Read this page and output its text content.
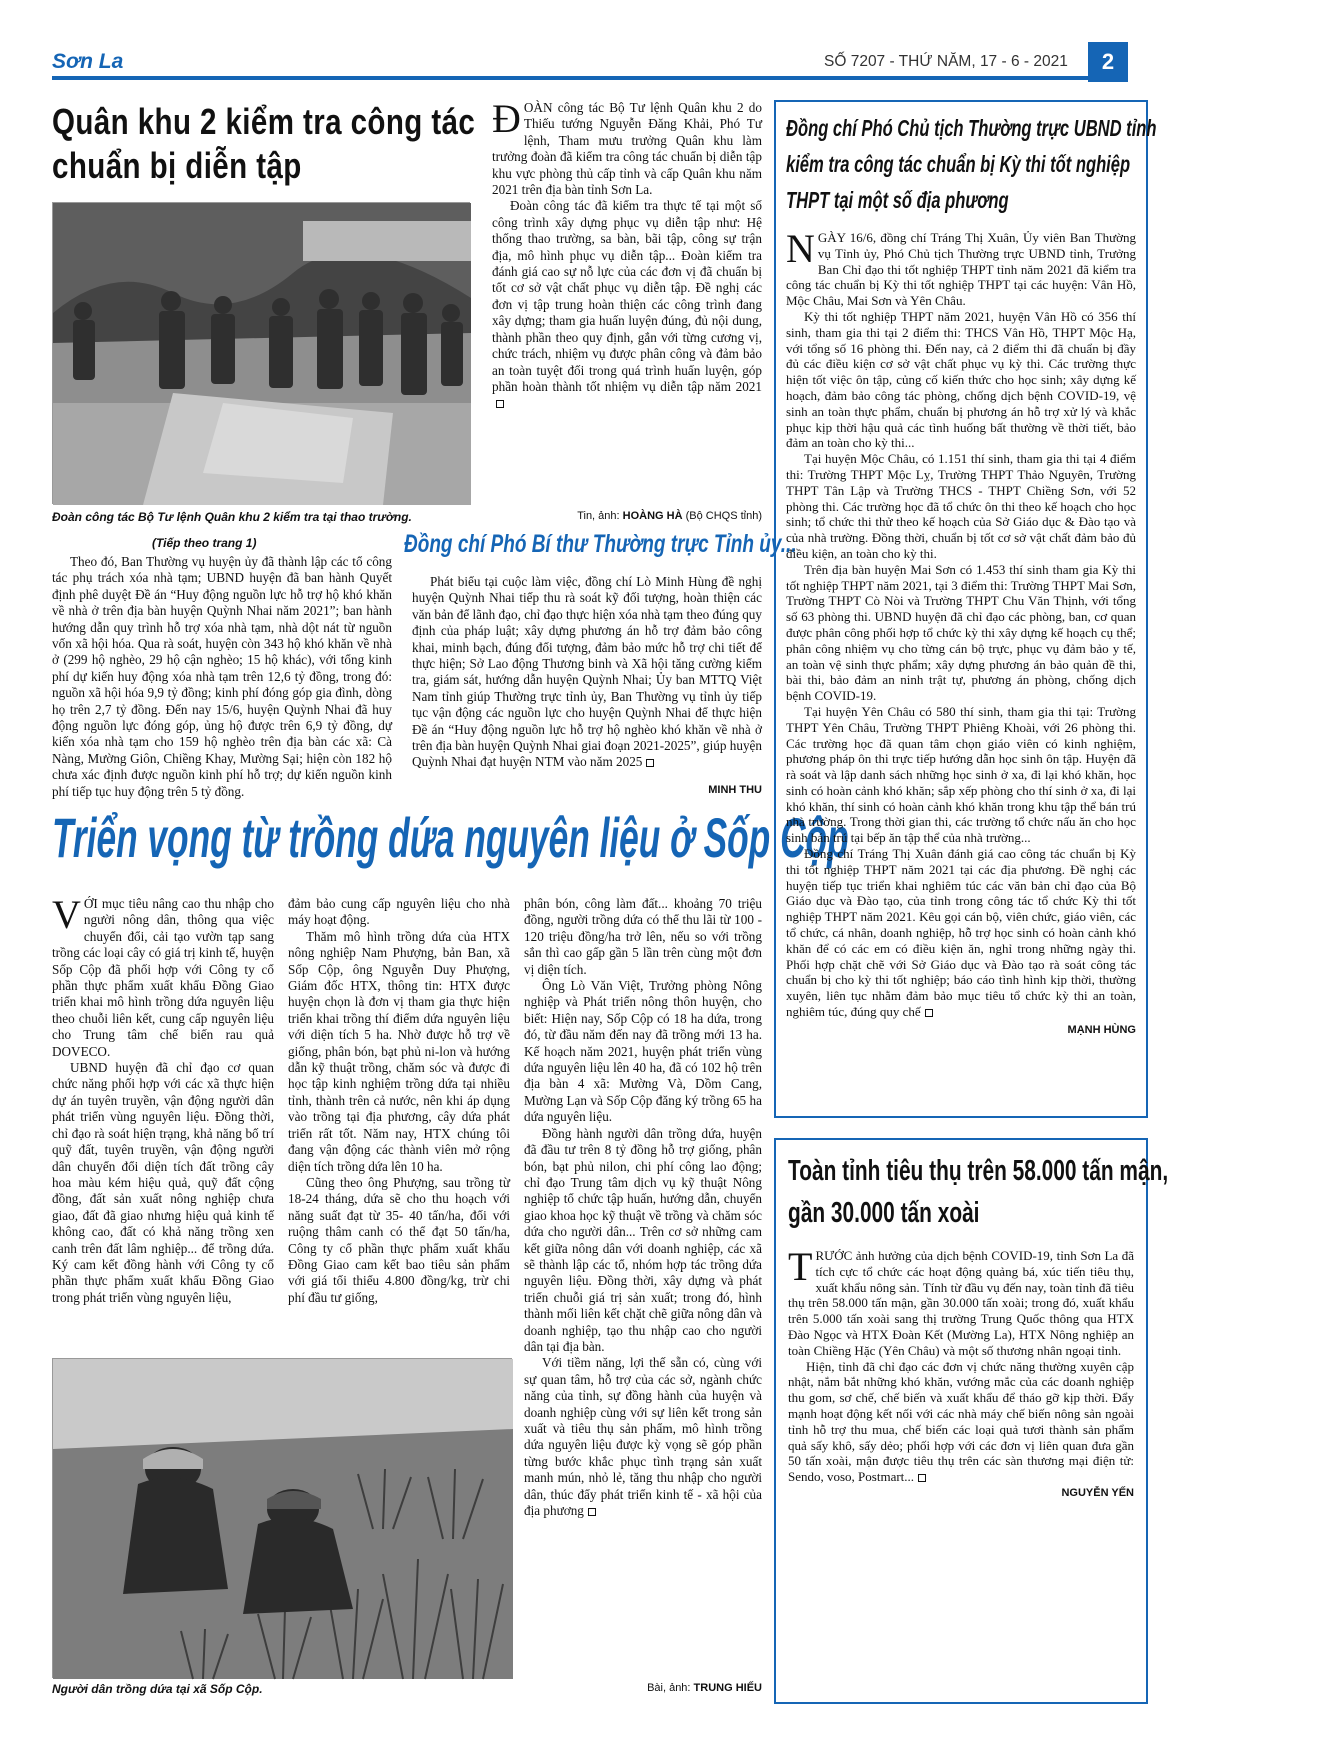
Sơn La	SỐ 7207 - THỨ NĂM, 17 - 6 - 2021	2
Quân khu 2 kiểm tra công tác
chuẩn bị diễn tập
Đoàn công tác Bộ Tư lệnh Quân khu 2 kiểm tra tại thao trường.

ĐOÀN công tác Bộ Tư lệnh Quân khu 2 do Thiếu tướng Nguyễn Đăng Khải, Phó Tư lệnh, Tham mưu trưởng Quân khu làm trưởng đoàn đã kiểm tra công tác chuẩn bị diễn tập khu vực phòng thủ cấp tỉnh và cấp Quân khu năm 2021 trên địa bàn tỉnh Sơn La.

Đoàn công tác đã kiểm tra thực tế tại một số công trình xây dựng phục vụ diễn tập như: Hệ thống thao trường, sa bàn, bãi tập, công sự trận địa, mô hình phục vụ diễn tập... Đoàn kiểm tra đánh giá cao sự nỗ lực của các đơn vị đã chuẩn bị tốt cơ sở vật chất phục vụ diễn tập. Đề nghị các đơn vị tập trung hoàn thiện các công trình đang xây dựng; tham gia huấn luyện đúng, đủ nội dung, thành phần theo quy định, gắn với từng cương vị, chức trách, nhiệm vụ được phân công và đảm bảo an toàn tuyệt đối trong quá trình huấn luyện, góp phần hoàn thành tốt nhiệm vụ diễn tập năm 2021

Tin, ảnh: HOÀNG HÀ (Bộ CHQS tỉnh)
(Tiếp theo trang 1)

Theo đó, Ban Thường vụ huyện ủy đã thành lập các tổ công tác phụ trách xóa nhà tạm; UBND huyện đã ban hành Quyết định phê duyệt Đề án “Huy động nguồn lực hỗ trợ hộ khó khăn về nhà ở trên địa bàn huyện Quỳnh Nhai năm 2021”; ban hành hướng dẫn quy trình hỗ trợ xóa nhà tạm, nhà dột nát từ nguồn vốn xã hội hóa. Qua rà soát, huyện còn 343 hộ khó khăn về nhà ở (299 hộ nghèo, 29 hộ cận nghèo; 15 hộ khác), với tổng kinh phí dự kiến huy động xóa nhà tạm trên 12,6 tỷ đồng, trong đó: nguồn xã hội hóa 9,9 tỷ đồng; kinh phí đóng góp gia đình, dòng họ trên 2,7 tỷ đồng. Đến nay 15/6, huyện Quỳnh Nhai đã huy động nguồn lực đóng góp, ủng hộ được trên 6,9 tỷ đồng, dự kiến xóa nhà tạm cho 159 hộ nghèo trên địa bàn các xã: Cà Nàng, Mường Giôn, Chiềng Khay, Mường Sại; hiện còn 182 hộ chưa xác định được nguồn kinh phí hỗ trợ; dự kiến nguồn kinh phí tiếp tục huy động trên 5 tỷ đồng.

Đồng chí Phó Bí thư Thường trực Tỉnh ủy...

Phát biểu tại cuộc làm việc, đồng chí Lò Minh Hùng đề nghị huyện Quỳnh Nhai tiếp thu rà soát kỹ đối tượng, hoàn thiện các văn bản để lãnh đạo, chỉ đạo thực hiện xóa nhà tạm theo đúng quy định của pháp luật; xây dựng phương án hỗ trợ đảm bảo công khai, minh bạch, đúng đối tượng, đảm bảo mức hỗ trợ chi tiết để thực hiện; Sở Lao động Thương binh và Xã hội tăng cường kiểm tra, giám sát, hướng dẫn huyện Quỳnh Nhai; Ủy ban MTTQ Việt Nam tỉnh giúp Thường trực tỉnh ủy, Ban Thường vụ tỉnh ủy tiếp tục vận động các nguồn lực cho huyện Quỳnh Nhai để thực hiện Đề án “Huy động nguồn lực hỗ trợ hộ nghèo khó khăn về nhà ở trên địa bàn huyện Quỳnh Nhai giai đoạn 2021-2025”, giúp huyện Quỳnh Nhai đạt huyện NTM vào năm 2025

MINH THU
Triển vọng từ trồng dứa nguyên liệu ở Sốp Cộp

VỚI mục tiêu nâng cao thu nhập cho người nông dân, thông qua việc chuyển đổi, cải tạo vườn tạp sang trồng các loại cây có giá trị kinh tế, huyện Sốp Cộp đã phối hợp với Công ty cổ phần thực phẩm xuất khẩu Đồng Giao triển khai mô hình trồng dứa nguyên liệu theo chuỗi liên kết, cung cấp nguyên liệu cho Trung tâm chế biến rau quả DOVECO.

UBND huyện đã chỉ đạo cơ quan chức năng phối hợp với các xã thực hiện dự án tuyên truyền, vận động người dân phát triển vùng nguyên liệu. Đồng thời, chỉ đạo rà soát hiện trạng, khả năng bố trí quỹ đất, tuyên truyền, vận động người dân chuyển đổi diện tích đất trồng cây hoa màu kém hiệu quả, quỹ đất cộng đồng, đất sản xuất nông nghiệp chưa giao, đất đã giao nhưng hiệu quả kinh tế không cao, đất có khả năng trồng xen canh trên đất lâm nghiệp... để trồng dứa. Ký cam kết đồng hành với Công ty cổ phần thực phẩm xuất khẩu Đồng Giao trong phát triển vùng nguyên liệu,

đảm bảo cung cấp nguyên liệu cho nhà máy hoạt động.

Thăm mô hình trồng dứa của HTX nông nghiệp Nam Phượng, bản Ban, xã Sốp Cộp, ông Nguyễn Duy Phượng, Giám đốc HTX, thông tin: HTX được huyện chọn là đơn vị tham gia thực hiện triển khai trồng thí điểm dứa nguyên liệu với diện tích 5 ha. Nhờ được hỗ trợ về giống, phân bón, bạt phủ ni-lon và hướng dẫn kỹ thuật trồng, chăm sóc và được đi học tập kinh nghiệm trồng dứa tại nhiều tỉnh, thành trên cả nước, nên khi áp dụng vào trồng tại địa phương, cây dứa phát triển rất tốt. Năm nay, HTX chúng tôi đang vận động các thành viên mở rộng diện tích trồng dứa lên 10 ha.

Cũng theo ông Phượng, sau trồng từ 18-24 tháng, dứa sẽ cho thu hoạch với năng suất đạt từ 35- 40 tấn/ha, đối với ruộng thâm canh có thể đạt 50 tấn/ha, Công ty cổ phần thực phẩm xuất khẩu Đồng Giao cam kết bao tiêu sản phẩm với giá tối thiểu 4.800 đồng/kg, trừ chi phí đầu tư giống,

phân bón, công làm đất... khoảng 70 triệu đồng, người trồng dứa có thể thu lãi từ 100 - 120 triệu đồng/ha trở lên, nếu so với trồng sắn thì cao gấp gần 5 lần trên cùng một đơn vị diện tích.

Ông Lò Văn Việt, Trưởng phòng Nông nghiệp và Phát triển nông thôn huyện, cho biết: Hiện nay, Sốp Cộp có 18 ha dứa, trong đó, từ đầu năm đến nay đã trồng mới 13 ha. Kế hoạch năm 2021, huyện phát triển vùng dứa nguyên liệu lên 40 ha, đã có 102 hộ trên địa bàn 4 xã: Mường Và, Dồm Cang, Mường Lạn và Sốp Cộp đăng ký trồng 65 ha dứa nguyên liệu.

Đồng hành người dân trồng dứa, huyện đã đầu tư trên 8 tỷ đồng hỗ trợ giống, phân bón, bạt phủ nilon, chi phí công lao động; chỉ đạo Trung tâm dịch vụ kỹ thuật Nông nghiệp tổ chức tập huấn, hướng dẫn, chuyển giao khoa học kỹ thuật về trồng và chăm sóc dứa cho người dân... Trên cơ sở những cam kết giữa nông dân với doanh nghiệp, các xã sẽ thành lập các tổ, nhóm hợp tác trồng dứa nguyên liệu. Đồng thời, xây dựng và phát triển chuỗi giá trị sản xuất; trong đó, hình thành mối liên kết chặt chẽ giữa nông dân và doanh nghiệp, tạo thu nhập cao cho người dân tại địa bàn.

Với tiềm năng, lợi thế sẵn có, cùng với sự quan tâm, hỗ trợ của các sở, ngành chức năng của tỉnh, sự đồng hành của huyện và doanh nghiệp cùng với sự liên kết trong sản xuất và tiêu thụ sản phẩm, mô hình trồng dứa nguyên liệu được kỳ vọng sẽ góp phần từng bước khắc phục tình trạng sản xuất manh mún, nhỏ lẻ, tăng thu nhập cho người dân, thúc đẩy phát triển kinh tế - xã hội của địa phương

Người dân trồng dứa tại xã Sốp Cộp.	Bài, ảnh: TRUNG HIẾU
Đồng chí Phó Chủ tịch Thường trực UBND tỉnh
kiểm tra công tác chuẩn bị Kỳ thi tốt nghiệp
THPT tại một số địa phương

NGÀY 16/6, đồng chí Tráng Thị Xuân, Ủy viên Ban Thường vụ Tỉnh ủy, Phó Chủ tịch Thường trực UBND tỉnh, Trưởng Ban Chỉ đạo thi tốt nghiệp THPT tỉnh năm 2021 đã kiểm tra công tác chuẩn bị Kỳ thi tốt nghiệp THPT tại các huyện: Vân Hồ, Mộc Châu, Mai Sơn và Yên Châu.

Kỳ thi tốt nghiệp THPT năm 2021, huyện Vân Hồ có 356 thí sinh, tham gia thi tại 2 điểm thi: THCS Vân Hồ, THPT Mộc Hạ, với tổng số 16 phòng thi. Đến nay, cả 2 điểm thi đã chuẩn bị đầy đủ các điều kiện cơ sở vật chất phục vụ kỳ thi. Các trường thực hiện tốt việc ôn tập, củng cố kiến thức cho học sinh; xây dựng kế hoạch, đảm bảo công tác phòng, chống dịch bệnh COVID-19, vệ sinh an toàn thực phẩm, chuẩn bị phương án hỗ trợ xử lý và khắc phục kịp thời hậu quả các tình huống bất thường về thời tiết, bảo đảm an toàn cho kỳ thi...

Tại huyện Mộc Châu, có 1.151 thí sinh, tham gia thi tại 4 điểm thi: Trường THPT Mộc Lỵ, Trường THPT Thảo Nguyên, Trường THPT Tân Lập và Trường THCS - THPT Chiềng Sơn, với 52 phòng thi. Các trường học đã tổ chức ôn thi theo kế hoạch cho học sinh; tổ chức thi thử theo kế hoạch của Sở Giáo dục & Đào tạo và của nhà trường. Đồng thời, chuẩn bị tốt cơ sở vật chất đảm bảo đủ điều kiện, an toàn cho kỳ thi.

Trên địa bàn huyện Mai Sơn có 1.453 thí sinh tham gia Kỳ thi tốt nghiệp THPT năm 2021, tại 3 điểm thi: Trường THPT Mai Sơn, Trường THPT Cò Nòi và Trường THPT Chu Văn Thịnh, với tổng số 63 phòng thi. UBND huyện đã chỉ đạo các phòng, ban, cơ quan được phân công phối hợp tổ chức kỳ thi xây dựng kế hoạch cụ thể; phân công nhiệm vụ cho từng cán bộ trực, phục vụ đảm bảo y tế, an toàn vệ sinh thực phẩm; xây dựng phương án bảo quản đề thi, bài thi, bảo đảm an ninh trật tự, phương án phòng, chống dịch bệnh COVID-19.

Tại huyện Yên Châu có 580 thí sinh, tham gia thi tại: Trường THPT Yên Châu, Trường THPT Phiêng Khoài, với 26 phòng thi. Các trường học đã quan tâm chọn giáo viên có kinh nghiệm, phương pháp ôn thi trực tiếp hướng dẫn học sinh ôn tập. Huyện đã rà soát và lập danh sách những học sinh ở xa, đi lại khó khăn, học sinh có hoàn cảnh khó khăn; sắp xếp phòng cho thí sinh ở xa, đi lại khó khăn, thí sinh có hoàn cảnh khó khăn trong khu tập thể bán trú nhà trường. Trong thời gian thi, các trường tổ chức nấu ăn cho học sinh bán trú tại bếp ăn tập thể của nhà trường...

Đồng chí Tráng Thị Xuân đánh giá cao công tác chuẩn bị Kỳ thi tốt nghiệp THPT năm 2021 tại các địa phương. Đề nghị các huyện tiếp tục triển khai nghiêm túc các văn bản chỉ đạo của Bộ Giáo dục và Đào tạo, của tỉnh trong công tác tổ chức Kỳ thi tốt nghiệp THPT năm 2021. Kêu gọi cán bộ, viên chức, giáo viên, các tổ chức, cá nhân, doanh nghiệp, hỗ trợ học sinh có hoàn cảnh khó khăn để có các em có điều kiện ăn, nghỉ trong những ngày thi. Phối hợp chặt chẽ với Sở Giáo dục và Đào tạo rà soát công tác chuẩn bị cho kỳ thi tốt nghiệp; báo cáo tình hình kịp thời, thường xuyên, liên tục nhằm đảm bảo mục tiêu tổ chức kỳ thi an toàn, nghiêm túc, đúng quy chế

MẠNH HÙNG
Toàn tỉnh tiêu thụ trên 58.000 tấn mận,
gần 30.000 tấn xoài

TRƯỚC ảnh hưởng của dịch bệnh COVID-19, tỉnh Sơn La đã tích cực tổ chức các hoạt động quảng bá, xúc tiến tiêu thụ, xuất khẩu nông sản. Tính từ đầu vụ đến nay, toàn tỉnh đã tiêu thụ trên 58.000 tấn mận, gần 30.000 tấn xoài; trong đó, xuất khẩu trên 5.000 tấn xoài sang thị trường Trung Quốc thông qua HTX Đào Ngọc và HTX Đoàn Kết (Mường La), HTX Nông nghiệp an toàn Chiềng Hặc (Yên Châu) và một số thương nhân ngoại tỉnh.

Hiện, tỉnh đã chỉ đạo các đơn vị chức năng thường xuyên cập nhật, nắm bắt những khó khăn, vướng mắc của các doanh nghiệp thu gom, sơ chế, chế biến và xuất khẩu để tháo gỡ kịp thời. Đẩy mạnh hoạt động kết nối với các nhà máy chế biến nông sản ngoài tỉnh hỗ trợ thu mua, chế biến các loại quả tươi thành sản phẩm quả sấy khô, sấy dẻo; phối hợp với các đơn vị liên quan đưa gần 50 tấn xoài, mận được tiêu thụ trên các sàn thương mại điện tử: Sendo, voso, Postmart...

NGUYỄN YẾN
